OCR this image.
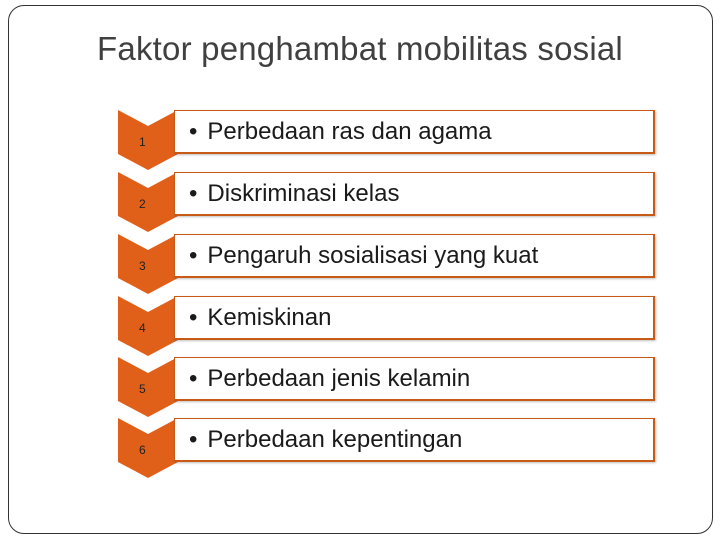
Faktor penghambat mobilitas sosial
1 • Perbedaan ras dan agama
2 • Diskriminasi kelas
3 • Pengaruh sosialisasi yang kuat
4 • Kemiskinan
5 • Perbedaan jenis kelamin
6 • Perbedaan kepentingan
